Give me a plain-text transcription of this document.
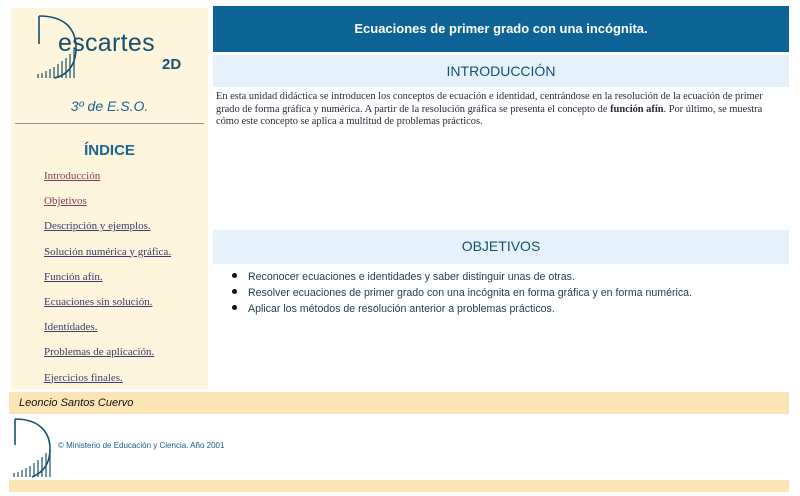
escartes
2D
3º de E.S.O.
ÍNDICE
Introducción
Objetivos
Descripción y ejemplos.
Solución numérica y gráfica.
Función afín.
Ecuaciones sin solución.
Identidades.
Problemas de aplicación.
Ejercicios finales.
Ecuaciones de primer grado con una incógnita.
INTRODUCCIÓN

En esta unidad didáctica se introducen los conceptos de ecuación e identidad, centrándose en la resolución de la ecuación de primer grado de forma gráfica y numérica. A partir de la resolución gráfica se presenta el concepto de función afín. Por último, se muestra cómo este concepto se aplica a multitud de problemas prácticos.

OBJETIVOS
Reconocer ecuaciones e identidades y saber distinguir unas de otras.
Resolver ecuaciones de primer grado con una incógnita en forma gráfica y en forma numérica.
Aplicar los métodos de resolución anterior a problemas prácticos.
Leoncio Santos Cuervo
© Ministerio de Educación y Ciencia. Año 2001
